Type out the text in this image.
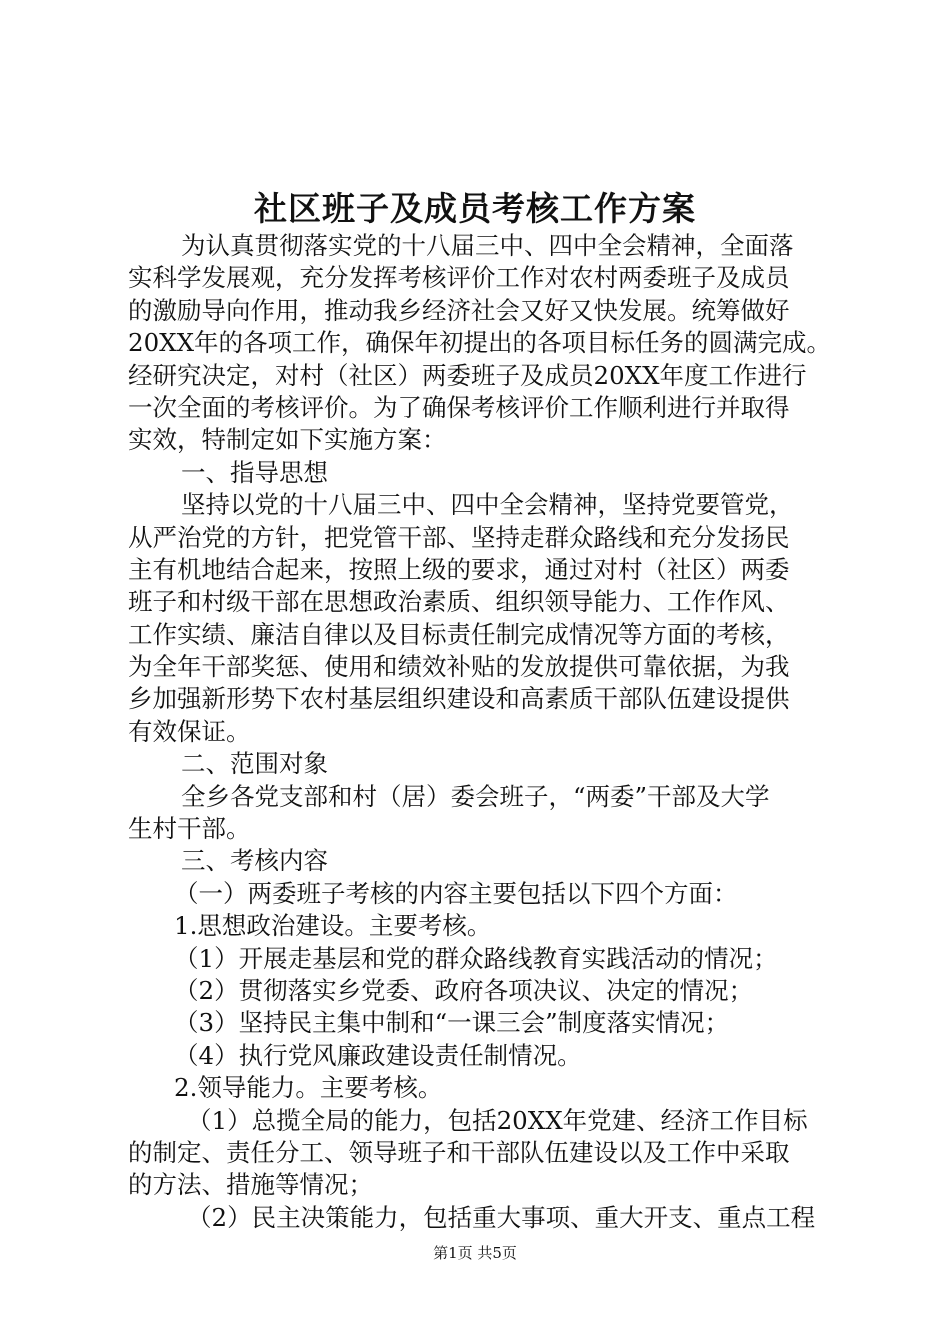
社区班子及成员考核工作方案
为认真贯彻落实党的十八届三中、四中全会精神，全面落
实科学发展观，充分发挥考核评价工作对农村两委班子及成员
的激励导向作用，推动我乡经济社会又好又快发展。统筹做好
20XX年的各项工作，确保年初提出的各项目标任务的圆满完成。
经研究决定，对村（社区）两委班子及成员20XX年度工作进行
一次全面的考核评价。为了确保考核评价工作顺利进行并取得
实效，特制定如下实施方案：
一、指导思想
坚持以党的十八届三中、四中全会精神，坚持党要管党，
从严治党的方针，把党管干部、坚持走群众路线和充分发扬民
主有机地结合起来，按照上级的要求，通过对村（社区）两委
班子和村级干部在思想政治素质、组织领导能力、工作作风、
工作实绩、廉洁自律以及目标责任制完成情况等方面的考核，
为全年干部奖惩、使用和绩效补贴的发放提供可靠依据，为我
乡加强新形势下农村基层组织建设和高素质干部队伍建设提供
有效保证。
二、范围对象
全乡各党支部和村（居）委会班子，“两委”干部及大学
生村干部。
三、考核内容
（一）两委班子考核的内容主要包括以下四个方面：
1.思想政治建设。主要考核。
（1）开展走基层和党的群众路线教育实践活动的情况；
（2）贯彻落实乡党委、政府各项决议、决定的情况；
（3）坚持民主集中制和“一课三会”制度落实情况；
（4）执行党风廉政建设责任制情况。
2.领导能力。主要考核。
（1）总揽全局的能力，包括20XX年党建、经济工作目标
的制定、责任分工、领导班子和干部队伍建设以及工作中采取
的方法、措施等情况；
（2）民主决策能力，包括重大事项、重大开支、重点工程
第1页 共5页
